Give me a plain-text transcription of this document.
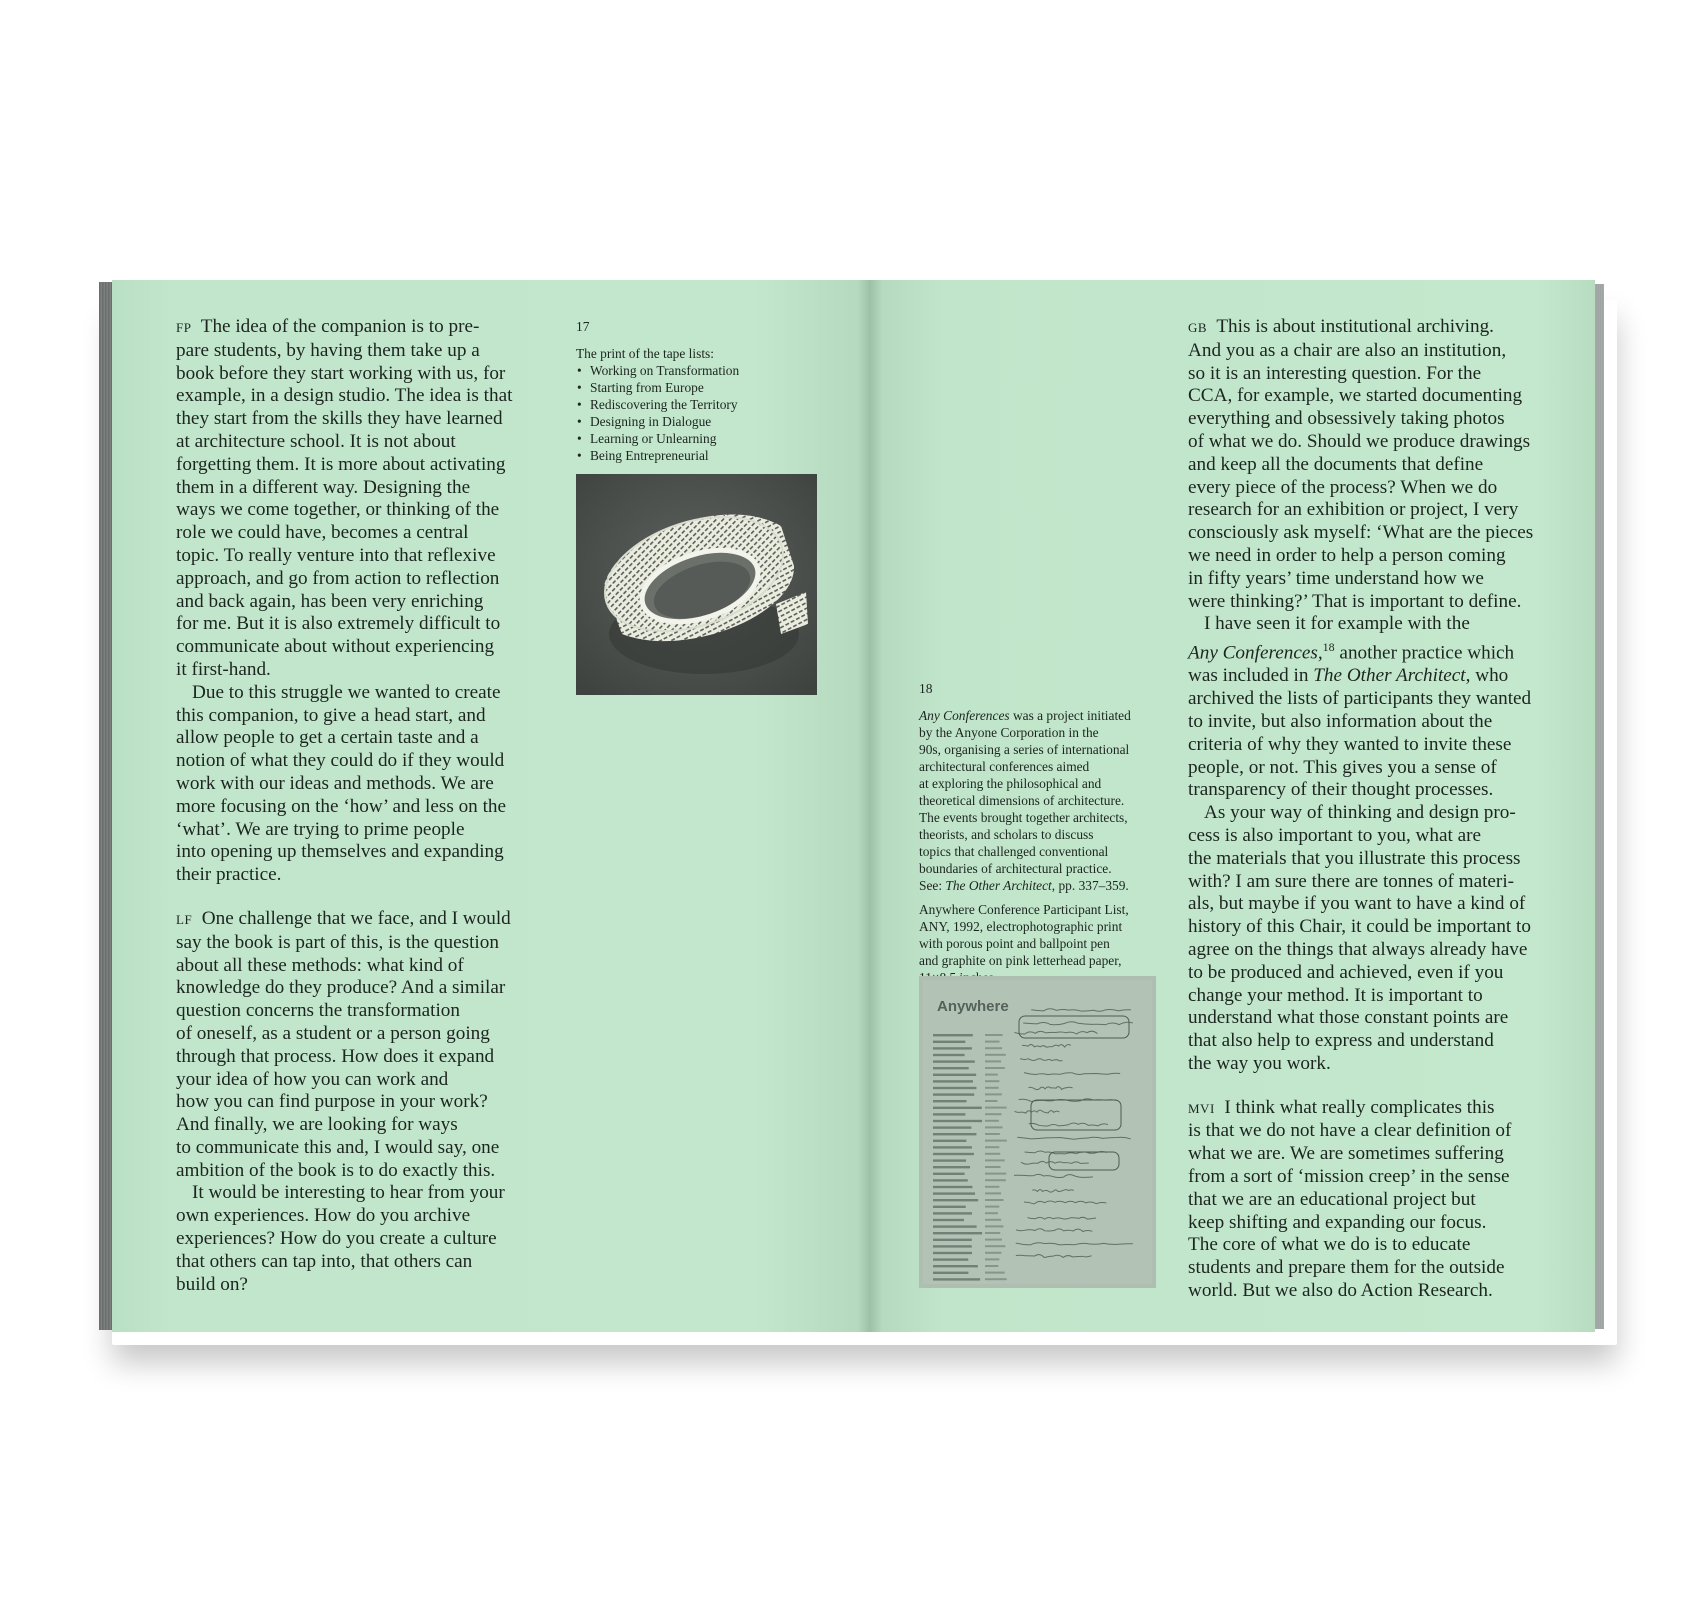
FP The idea of the companion is to pre-

pare students, by having them take up a

book before they start working with us, for

example, in a design studio. The idea is that

they start from the skills they have learned

at architecture school. It is not about

forgetting them. It is more about activating

them in a different way. Designing the

ways we come together, or thinking of the

role we could have, becomes a central

topic. To really venture into that reflexive

approach, and go from action to reflection

and back again, has been very enriching

for me. But it is also extremely difficult to

communicate about without experiencing

it first-hand.

Due to this struggle we wanted to create

this companion, to give a head start, and

allow people to get a certain taste and a

notion of what they could do if they would

work with our ideas and methods. We are

more focusing on the ‘how’ and less on the

‘what’. We are trying to prime people

into opening up themselves and expanding

their practice.

LF One challenge that we face, and I would

say the book is part of this, is the question

about all these methods: what kind of

knowledge do they produce? And a similar

question concerns the transformation

of oneself, as a student or a person going

through that process. How does it expand

your idea of how you can work and

how you can find purpose in your work?

And finally, we are looking for ways

to communicate this and, I would say, one

ambition of the book is to do exactly this.

It would be interesting to hear from your

own experiences. How do you archive

experiences? How do you create a culture

that others can tap into, that others can

build on?

17

The print of the tape lists:

• Working on Transformation
• Starting from Europe
• Rediscovering the Territory
• Designing in Dialogue
• Learning or Unlearning
• Being Entrepreneurial

18

Any Conferences was a project initiated

by the Anyone Corporation in the

90s, organising a series of international

architectural conferences aimed

at exploring the philosophical and

theoretical dimensions of architecture.

The events brought together architects,

theorists, and scholars to discuss

topics that challenged conventional

boundaries of architectural practice.

See: The Other Architect, pp. 337–359.

Anywhere Conference Participant List,

ANY, 1992, electrophotographic print

with porous point and ballpoint pen

and graphite on pink letterhead paper,

Anywhere

GB This is about institutional archiving.

And you as a chair are also an institution,

so it is an interesting question. For the

CCA, for example, we started documenting

everything and obsessively taking photos

of what we do. Should we produce drawings

and keep all the documents that define

every piece of the process? When we do

research for an exhibition or project, I very

consciously ask myself: ‘What are the pieces

we need in order to help a person coming

in fifty years’ time understand how we

were thinking?’ That is important to define.

I have seen it for example with the

Any Conferences,$^{18}$ another practice which

was included in The Other Architect, who

archived the lists of participants they wanted

to invite, but also information about the

criteria of why they wanted to invite these

people, or not. This gives you a sense of

transparency of their thought processes.

As your way of thinking and design pro-

cess is also important to you, what are

the materials that you illustrate this process

with? I am sure there are tonnes of materi-

als, but maybe if you want to have a kind of

history of this Chair, it could be important to

agree on the things that always already have

to be produced and achieved, even if you

change your method. It is important to

understand what those constant points are

that also help to express and understand

the way you work.

MVI I think what really complicates this

is that we do not have a clear definition of

what we are. We are sometimes suffering

from a sort of ‘mission creep’ in the sense

that we are an educational project but

keep shifting and expanding our focus.

The core of what we do is to educate

students and prepare them for the outside

world. But we also do Action Research.
